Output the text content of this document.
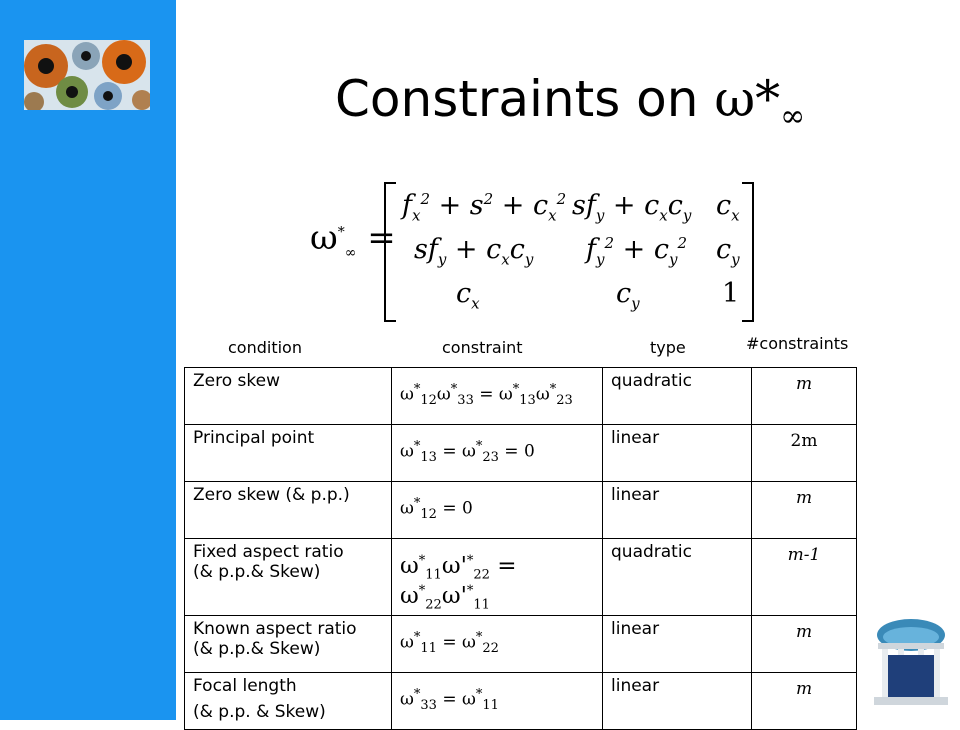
Constraints on $\omega*_\infty$
$\omega^*_\infty$ =
$f_x^2 + s^2 + c_x^2$ $sf_y + c_xc_y$ $c_x$
$sf_y + c_xc_y$ $f_y^2 + c_y^2$ $c_y$
$c_x$	$c_y$	1
condition	constraint	type	#constraints
Zero skew	$\omega^*_{12}\omega^*_{33} = \omega^*_{13}\omega^*_{23}$	quadratic	m
Principal point	$\omega^*_{13} = \omega^*_{23} = 0$	linear	2m
Zero skew (& p.p.)	$\omega^*_{12} = 0$	linear	m

Fixed aspect ratio
(& p.p.& Skew)	$\omega^*_{11}\omega'^*_{22} = \omega^*_{22}\omega'^*_{11}$	quadratic	m-1

Known aspect ratio
(& p.p.& Skew)	$\omega^*_{11} = \omega^*_{22}$	linear	m

Focal length
(& p.p. & Skew)	$\omega^*_{33} = \omega^*_{11}$	linear	m
